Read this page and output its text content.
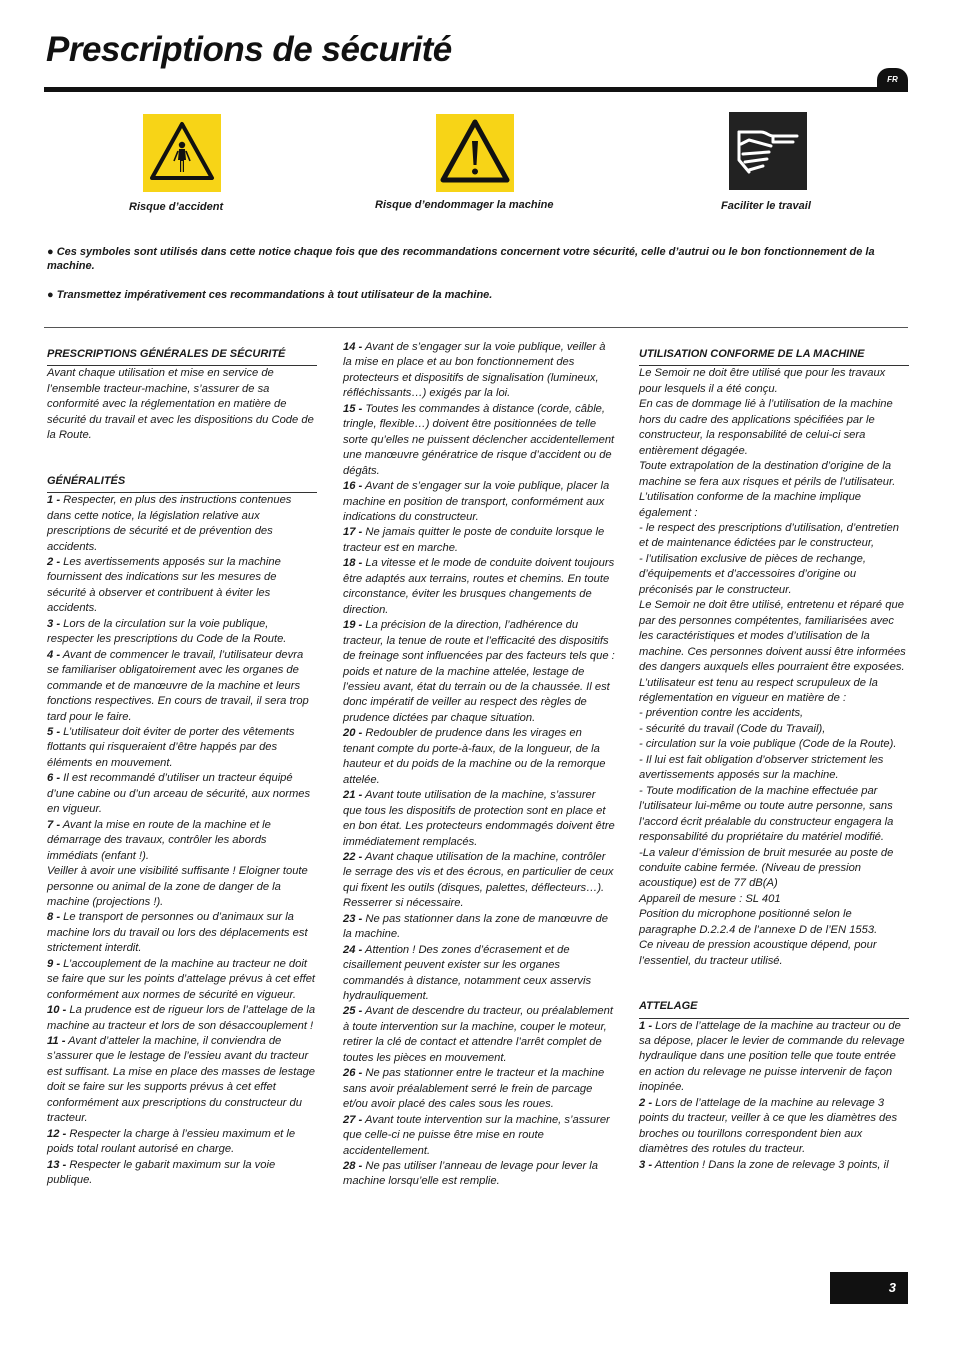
Prescriptions de sécurité
FR
Risque d’accident	Risque d’endommager la machine	Faciliter le travail
● Ces symboles sont utilisés dans cette notice chaque fois que des recommandations concernent votre sécurité, celle d’autrui ou le bon fonctionnement de la machine.
● Transmettez impérativement ces recommandations à tout utilisateur de la machine.

PRESCRIPTIONS GÉNÉRALES DE SÉCURITÉ

Avant chaque utilisation et mise en service de l’ensemble tracteur-machine, s’assurer de sa conformité avec la réglementation en matière de sécurité du travail et avec les dispositions du Code de la Route.

GÉNÉRALITÉS

1 - Respecter, en plus des instructions contenues dans cette notice, la législation relative aux prescriptions de sécurité et de prévention des accidents.

2 - Les avertissements apposés sur la machine fournissent des indications sur les mesures de sécurité à observer et contribuent à éviter les accidents.

3 - Lors de la circulation sur la voie publique, respecter les prescriptions du Code de la Route.

4 - Avant de commencer le travail, l’utilisateur devra se familiariser obligatoirement avec les organes de commande et de manœuvre de la machine et leurs fonctions respectives. En cours de travail, il sera trop tard pour le faire.

5 - L’utilisateur doit éviter de porter des vêtements flottants qui risqueraient d’être happés par des éléments en mouvement.

6 - Il est recommandé d’utiliser un tracteur équipé d’une cabine ou d’un arceau de sécurité, aux normes en vigueur.

7 - Avant la mise en route de la machine et le démarrage des travaux, contrôler les abords immédiats (enfant !).

Veiller à avoir une visibilité suffisante ! Eloigner toute personne ou animal de la zone de danger de la machine (projections !).

8 - Le transport de personnes ou d’animaux sur la machine lors du travail ou lors des déplacements est strictement interdit.

9 - L’accouplement de la machine au tracteur ne doit se faire que sur les points d’attelage prévus à cet effet conformément aux normes de sécurité en vigueur.

10 - La prudence est de rigueur lors de l’attelage de la machine au tracteur et lors de son désaccouplement !

11 - Avant d’atteler la machine, il conviendra de s’assurer que le lestage de l’essieu avant du tracteur est suffisant. La mise en place des masses de lestage doit se faire sur les supports prévus à cet effet conformément aux prescriptions du constructeur du tracteur.

12 - Respecter la charge à l’essieu maximum et le poids total roulant autorisé en charge.

13 - Respecter le gabarit maximum sur la voie publique.

14 - Avant de s’engager sur la voie publique, veiller à la mise en place et au bon fonctionnement des protecteurs et dispositifs de signalisation (lumineux, réfléchissants…) exigés par la loi.

15 - Toutes les commandes à distance (corde, câble, tringle, flexible…) doivent être positionnées de telle sorte qu’elles ne puissent déclencher accidentellement une manœuvre génératrice de risque d’accident ou de dégâts.

16 - Avant de s’engager sur la voie publique, placer la machine en position de transport, conformément aux indications du constructeur.

17 - Ne jamais quitter le poste de conduite lorsque le tracteur est en marche.

18 - La vitesse et le mode de conduite doivent toujours être adaptés aux terrains, routes et chemins. En toute circonstance, éviter les brusques changements de direction.

19 - La précision de la direction, l’adhérence du tracteur, la tenue de route et l’efficacité des dispositifs de freinage sont influencées par des facteurs tels que : poids et nature de la machine attelée, lestage de l’essieu avant, état du terrain ou de la chaussée. Il est donc impératif de veiller au respect des règles de prudence dictées par chaque situation.

20 - Redoubler de prudence dans les virages en tenant compte du porte-à-faux, de la longueur, de la hauteur et du poids de la machine ou de la remorque attelée.

21 - Avant toute utilisation de la machine, s’assurer que tous les dispositifs de protection sont en place et en bon état. Les protecteurs endommagés doivent être immédiatement remplacés.

22 - Avant chaque utilisation de la machine, contrôler le serrage des vis et des écrous, en particulier de ceux qui fixent les outils (disques, palettes, déflecteurs…). Resserrer si nécessaire.

23 - Ne pas stationner dans la zone de manœuvre de la machine.

24 - Attention ! Des zones d’écrasement et de cisaillement peuvent exister sur les organes commandés à distance, notamment ceux asservis hydrauliquement.

25 - Avant de descendre du tracteur, ou préalablement à toute intervention sur la machine, couper le moteur, retirer la clé de contact et attendre l’arrêt complet de toutes les pièces en mouvement.

26 - Ne pas stationner entre le tracteur et la machine sans avoir préalablement serré le frein de parcage et/ou avoir placé des cales sous les roues.

27 - Avant toute intervention sur la machine, s’assurer que celle-ci ne puisse être mise en route accidentellement.

28 - Ne pas utiliser l’anneau de levage pour lever la machine lorsqu’elle est remplie.

UTILISATION CONFORME DE LA MACHINE

Le Semoir ne doit être utilisé que pour les travaux pour lesquels il a été conçu.

En cas de dommage lié à l’utilisation de la machine hors du cadre des applications spécifiées par le constructeur, la responsabilité de celui-ci sera entièrement dégagée.

Toute extrapolation de la destination d’origine de la machine se fera aux risques et périls de l’utilisateur.

L’utilisation conforme de la machine implique également :

- le respect des prescriptions d’utilisation, d’entretien et de maintenance édictées par le constructeur,

- l’utilisation exclusive de pièces de rechange, d’équipements et d’accessoires d’origine ou préconisés par le constructeur.

Le Semoir ne doit être utilisé, entretenu et réparé que par des personnes compétentes, familiarisées avec les caractéristiques et modes d’utilisation de la machine. Ces personnes doivent aussi être informées des dangers auxquels elles pourraient être exposées.

L’utilisateur est tenu au respect scrupuleux de la réglementation en vigueur en matière de :

- prévention contre les accidents,

- sécurité du travail (Code du Travail),

- circulation sur la voie publique (Code de la Route).

- Il lui est fait obligation d’observer strictement les avertissements apposés sur la machine.

- Toute modification de la machine effectuée par l’utilisateur lui-même ou toute autre personne, sans l’accord écrit préalable du constructeur engagera la responsabilité du propriétaire du matériel modifié.

-La valeur d’émission de bruit mesurée au poste de conduite cabine fermée. (Niveau de pression acoustique) est de 77 dB(A)

Appareil de mesure : SL 401

Position du microphone positionné selon le paragraphe D.2.2.4 de l’annexe D de l’EN 1553.

Ce niveau de pression acoustique dépend, pour l’essentiel, du tracteur utilisé.

ATTELAGE

1 - Lors de l’attelage de la machine au tracteur ou de sa dépose, placer le levier de commande du relevage hydraulique dans une position telle que toute entrée en action du relevage ne puisse intervenir de façon inopinée.

2 - Lors de l’attelage de la machine au relevage 3 points du tracteur, veiller à ce que les diamètres des broches ou tourillons correspondent bien aux diamètres des rotules du tracteur.

3 - Attention ! Dans la zone de relevage 3 points, il

3
